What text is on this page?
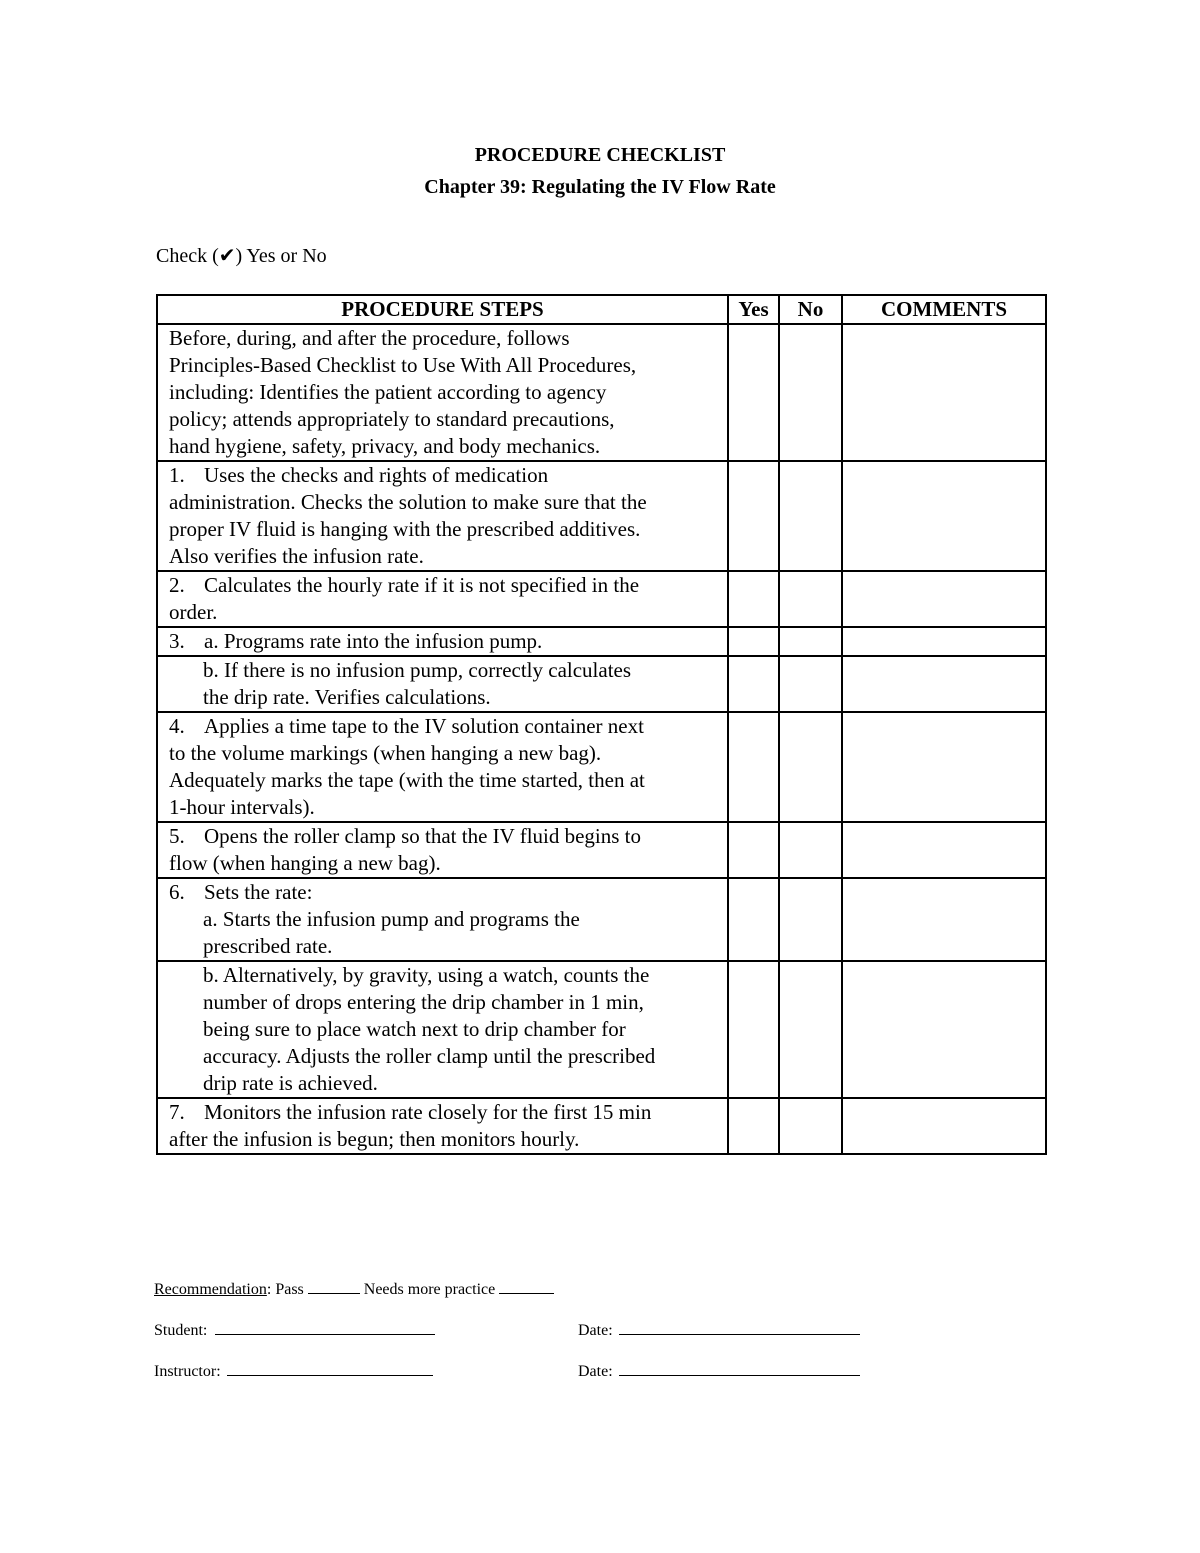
PROCEDURE CHECKLIST
Chapter 39: Regulating the IV Flow Rate
Check (✔) Yes or No
PROCEDURE STEPS	Yes	No	COMMENTS

Before, during, and after the procedure, follows
Principles-Based Checklist to Use With All Procedures,
including: Identifies the patient according to agency
policy; attends appropriately to standard precautions,
hand hygiene, safety, privacy, and body mechanics.			

1. Uses the checks and rights of medication
administration. Checks the solution to make sure that the
proper IV fluid is hanging with the prescribed additives.
Also verifies the infusion rate.			

2. Calculates the hourly rate if it is not specified in the
order.			

3. a. Programs rate into the infusion pump.			

b. If there is no infusion pump, correctly calculates
the drip rate. Verifies calculations.			

4. Applies a time tape to the IV solution container next
to the volume markings (when hanging a new bag).
Adequately marks the tape (with the time started, then at
1-hour intervals).			

5. Opens the roller clamp so that the IV fluid begins to
flow (when hanging a new bag).			

6. Sets the rate:
a. Starts the infusion pump and programs the
prescribed rate.			

b. Alternatively, by gravity, using a watch, counts the
number of drops entering the drip chamber in 1 min,
being sure to place watch next to drip chamber for
accuracy. Adjusts the roller clamp until the prescribed
drip rate is achieved.			

7. Monitors the infusion rate closely for the first 15 min
after the infusion is begun; then monitors hourly.			

Recommendation: Pass	Needs more practice
Student:	Date:
Instructor:	Date:
